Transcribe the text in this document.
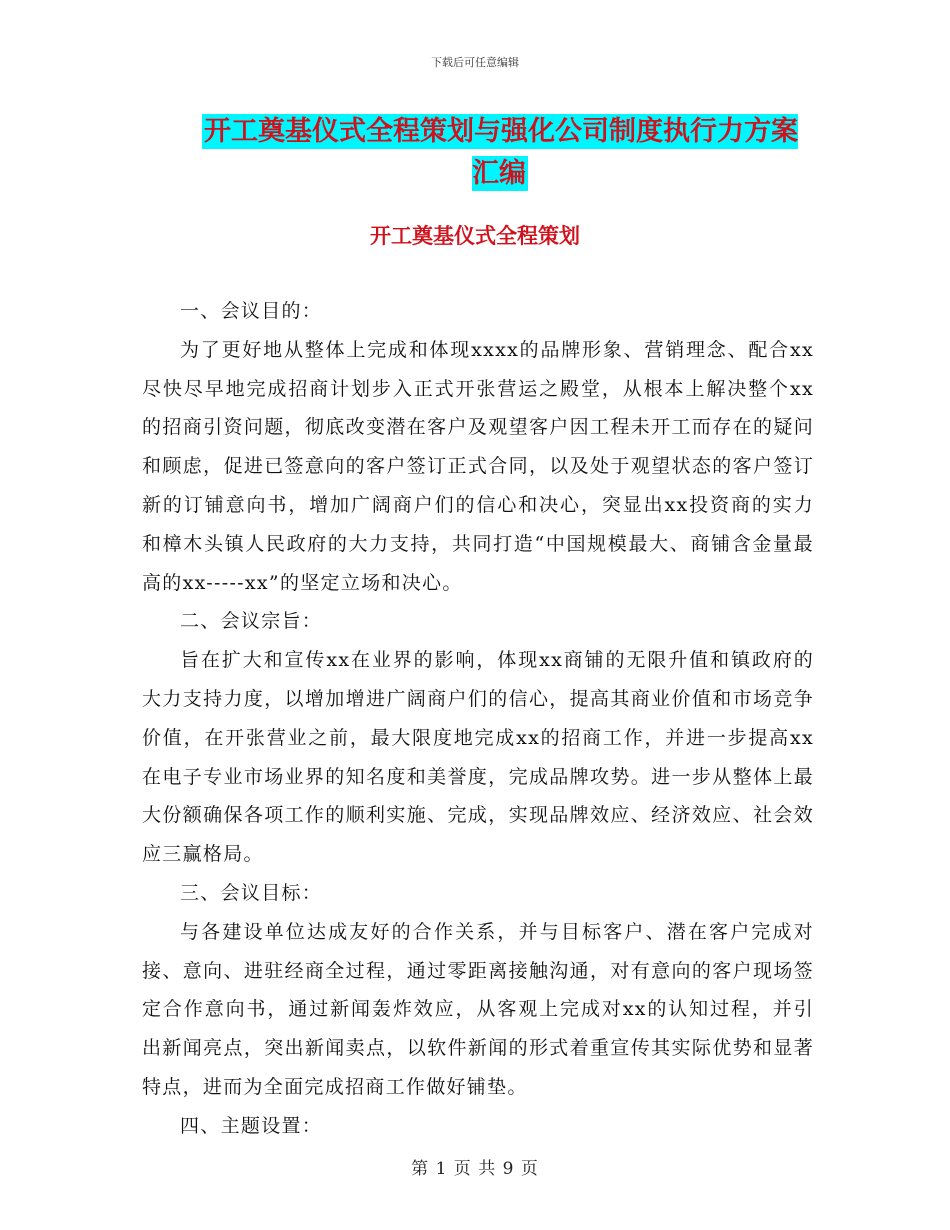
下载后可任意编辑
开工奠基仪式全程策划与强化公司制度执行力方案汇编
开工奠基仪式全程策划

一、会议目的：

为了更好地从整体上完成和体现xxxx的品牌形象、营销理念、配合xx尽快尽早地完成招商计划步入正式开张营运之殿堂，从根本上解决整个xx的招商引资问题，彻底改变潜在客户及观望客户因工程未开工而存在的疑问和顾虑，促进已签意向的客户签订正式合同，以及处于观望状态的客户签订新的订铺意向书，增加广阔商户们的信心和决心，突显出xx投资商的实力和樟木头镇人民政府的大力支持，共同打造“中国规模最大、商铺含金量最高的xx-----xx”的坚定立场和决心。

二、会议宗旨：

旨在扩大和宣传xx在业界的影响，体现xx商铺的无限升值和镇政府的大力支持力度，以增加增进广阔商户们的信心，提高其商业价值和市场竞争价值，在开张营业之前，最大限度地完成xx的招商工作，并进一步提高xx在电子专业市场业界的知名度和美誉度，完成品牌攻势。进一步从整体上最大份额确保各项工作的顺利实施、完成，实现品牌效应、经济效应、社会效应三赢格局。

三、会议目标：

与各建设单位达成友好的合作关系，并与目标客户、潜在客户完成对接、意向、进驻经商全过程，通过零距离接触沟通，对有意向的客户现场签定合作意向书，通过新闻轰炸效应，从客观上完成对xx的认知过程，并引出新闻亮点，突出新闻卖点，以软件新闻的形式着重宣传其实际优势和显著特点，进而为全面完成招商工作做好铺垫。

四、主题设置：

第 1 页 共 9 页
